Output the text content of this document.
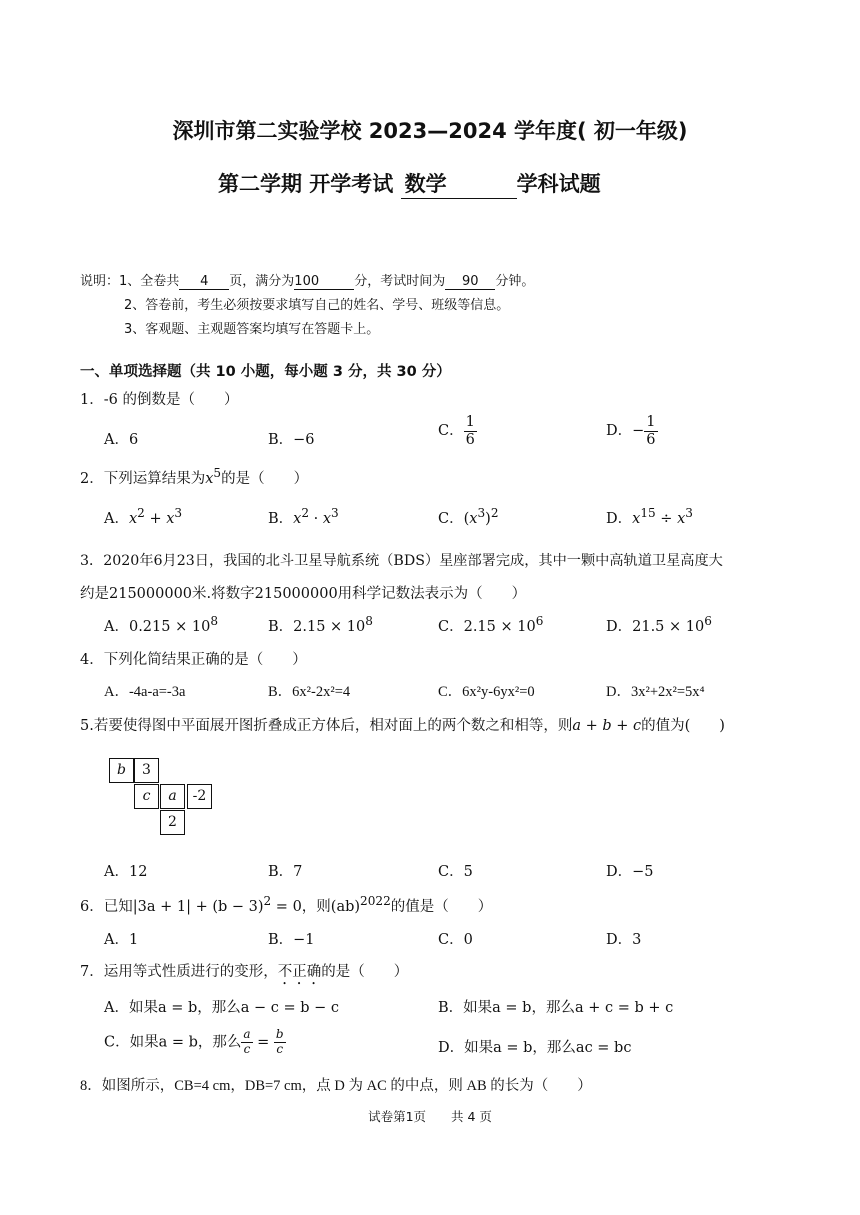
深圳市第二实验学校 2023—2024 学年度( 初一年级)
第二学期 开学考试 数学	学科试题
说明：1、全卷共 4 页，满分为100	分，考试时间为 90 分钟。
2、答卷前，考生必须按要求填写自己的姓名、学号、班级等信息。
3、客观题、主观题答案均填写在答题卡上。
一、单项选择题（共 10 小题，每小题 3 分，共 30 分）
1．-6 的倒数是（　　）
A．6	B．−6
C． $\frac{1}{6}$	D．− $\frac{1}{6}$
2．下列运算结果为$x^5$的是（　　）
A．$x^2 + x^3$	B．$x^2 \cdot x^3$	C．$(x^3)^2$	D．$x^{15} \div x^3$
3．2020年6月23日，我国的北斗卫星导航系统（BDS）星座部署完成，其中一颗中高轨道卫星高度大
约是215000000米.将数字215000000用科学记数法表示为（　　）
A．$0.215 \times 10^8$	B．$2.15 \times 10^8$	C．$2.15 \times 10^6$	D．$21.5 \times 10^6$
4．下列化简结果正确的是（　　）
A．-4a-a=-3a	B．6x²-2x²=4	C．6x²y-6yx²=0	D．3x²+2x²=5x⁴
5.若要使得图中平面展开图折叠成正方体后，相对面上的两个数之和相等，则a + b + c的值为(　　)
b	3
c	a	-2
2
A．12	B．7	C．5	D．−5
6．已知$|3a + 1| + (b - 3)^2 = 0$，则(ab)$^{2022}$的值是（　　）
A．1	B．−1	C．0	D．3
7．运用等式性质进行的变形，不正确的是（　　）
A．如果a = b，那么a − c = b − c	B．如果a = b，那么a + c = b + c
C．如果a = b，那么 $\frac{a}{c} = \frac{b}{c}$	D．如果a = b，那么ac = bc
8．如图所示，CB=4 cm，DB=7 cm，点 D 为 AC 的中点，则 AB 的长为（　　）
试卷第1页　　共 4 页
